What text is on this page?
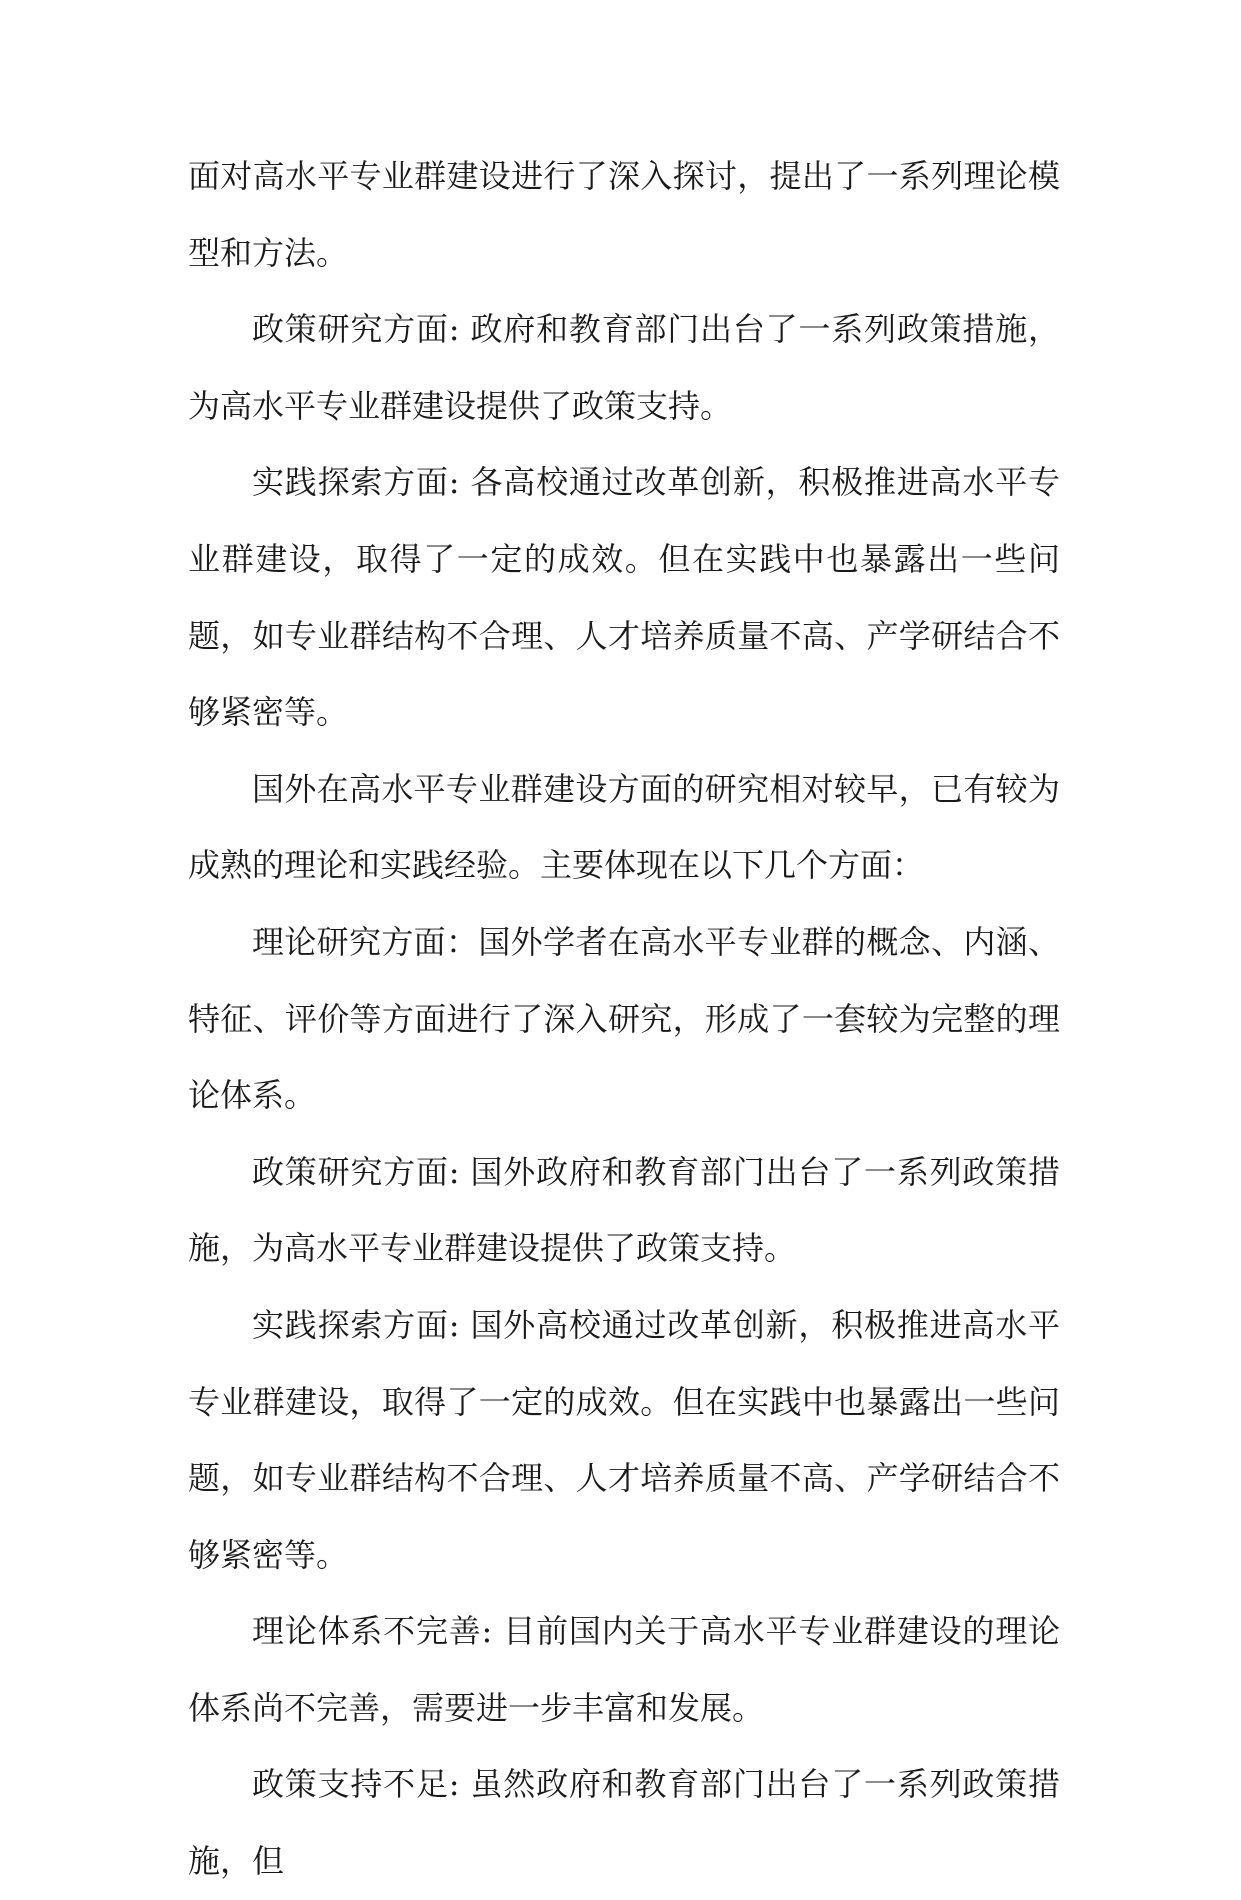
面对高水平专业群建设进行了深入探讨，提出了一系列理论模型和方法。

政策研究方面: 政府和教育部门出台了一系列政策措施，为高水平专业群建设提供了政策支持。

实践探索方面: 各高校通过改革创新，积极推进高水平专业群建设，取得了一定的成效。但在实践中也暴露出一些问题，如专业群结构不合理、人才培养质量不高、产学研结合不够紧密等。

国外在高水平专业群建设方面的研究相对较早，已有较为成熟的理论和实践经验。主要体现在以下几个方面：

理论研究方面：国外学者在高水平专业群的概念、内涵、特征、评价等方面进行了深入研究，形成了一套较为完整的理论体系。

政策研究方面: 国外政府和教育部门出台了一系列政策措施，为高水平专业群建设提供了政策支持。

实践探索方面: 国外高校通过改革创新，积极推进高水平专业群建设，取得了一定的成效。但在实践中也暴露出一些问题，如专业群结构不合理、人才培养质量不高、产学研结合不够紧密等。

理论体系不完善: 目前国内关于高水平专业群建设的理论体系尚不完善，需要进一步丰富和发展。

政策支持不足: 虽然政府和教育部门出台了一系列政策措施，但
